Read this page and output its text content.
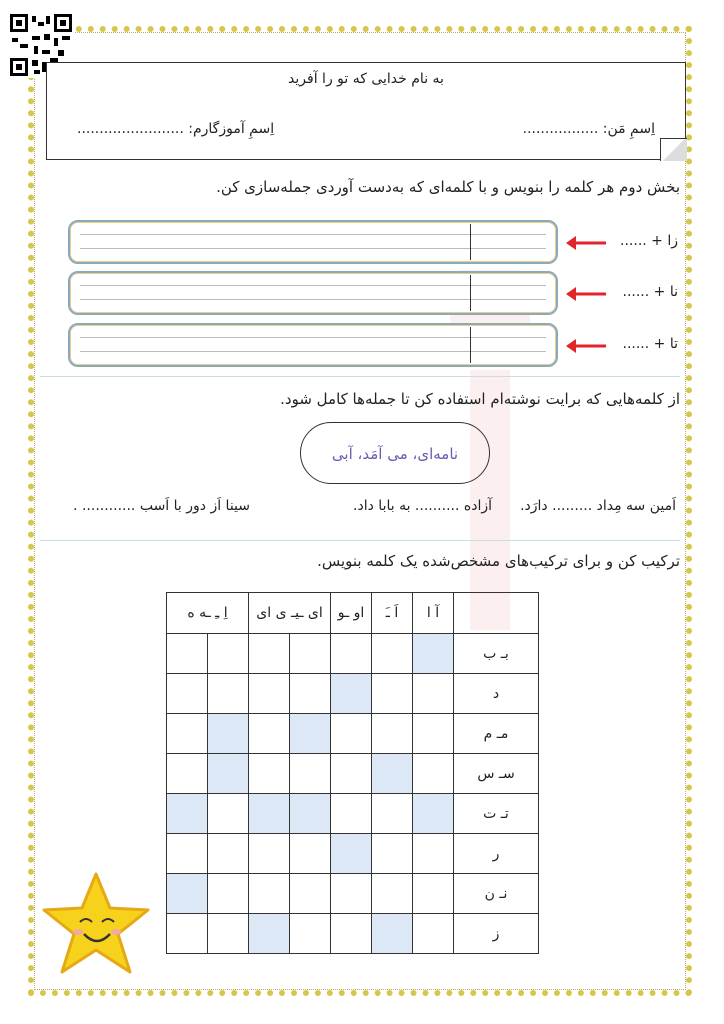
به نام خدایی که تو را آفرید
اِسمِ مَن: .................
اِسمِ آموزگارم: ........................
بخش دوم هر کلمه را بنویس و با کلمه‌ای که به‌دست آوردی جمله‌سازی کن.
زا + ......
نا + ......
تا + ......
از کلمه‌هایی که برایت نوشته‌ام استفاده کن تا جمله‌ها کامل شود.
نامه‌ای، می آمَد، آبی
اَمین سه مِداد ......... دارَد.
آزاده .......... به بابا داد.
سینا اَز دور با اَسب ............ .
ترکیب کن و برای ترکیب‌های مشخص‌شده یک کلمه بنویس.
اِ ـِ ـه ه		ای ـیـ ی ای		او ـو	اَ ـَ	آ ا	
							بـ ب
							د
							مـ م
							سـ س
							تـ ت
							ر
							نـ ن
							ز
